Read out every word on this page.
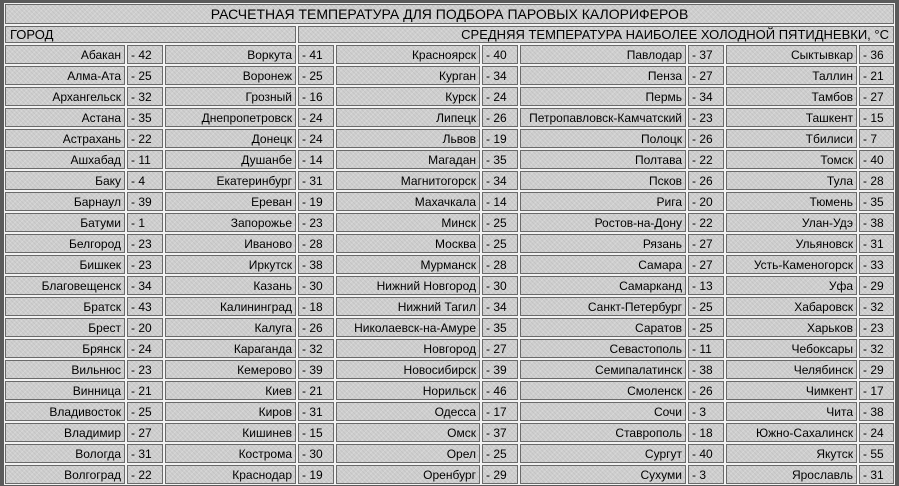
РАСЧЕТНАЯ ТЕМПЕРАТУРА ДЛЯ ПОДБОРА ПАРОВЫХ КАЛОРИФЕРОВ
ГОРОД	СРЕДНЯЯ ТЕМПЕРАТУРА НАИБОЛЕЕ ХОЛОДНОЙ ПЯТИДНЕВКИ, °С
Абакан - 42
Алма-Ата - 25
Архангельск - 32
Астана - 35
Астрахань - 22
Ашхабад - 11
Баку - 4
Барнаул - 39
Батуми - 1
Белгород - 23
Бишкек - 23
Благовещенск - 34
Братск - 43
Брест - 20
Брянск - 24
Вильнюс - 23
Винница - 21
Владивосток - 25
Владимир - 27
Вологда - 31
Волгоград - 22
Воркута - 41
Воронеж - 25
Грозный - 16
Днепропетровск - 24
Донецк - 24
Душанбе - 14
Екатеринбург - 31
Ереван - 19
Запорожье - 23
Иваново - 28
Иркутск - 38
Казань - 30
Калининград - 18
Калуга - 26
Караганда - 32
Кемерово - 39
Киев - 21
Киров - 31
Кишинев - 15
Кострома - 30
Краснодар - 19
Красноярск - 40
Курган - 34
Курск - 24
Липецк - 26
Львов - 19
Магадан - 35
Магнитогорск - 34
Махачкала - 14
Минск - 25
Москва - 25
Мурманск - 28
Нижний Новгород - 30
Нижний Тагил - 34
Николаевск-на-Амуре - 35
Новгород - 27
Новосибирск - 39
Норильск - 46
Одесса - 17
Омск - 37
Орел - 25
Оренбург - 29
Павлодар - 37
Пенза - 27
Пермь - 34
Петропавловск-Камчатский - 23
Полоцк - 26
Полтава - 22
Псков - 26
Рига - 20
Ростов-на-Дону - 22
Рязань - 27
Самара - 27
Самарканд - 13
Санкт-Петербург - 25
Саратов - 25
Севастополь - 11
Семипалатинск - 38
Смоленск - 26
Сочи - 3
Ставрополь - 18
Сургут - 40
Сухуми - 3
Сыктывкар - 36
Таллин - 21
Тамбов - 27
Ташкент - 15
Тбилиси - 7
Томск - 40
Тула - 28
Тюмень - 35
Улан-Удэ - 38
Ульяновск - 31
Усть-Каменогорск - 33
Уфа - 29
Хабаровск - 32
Харьков - 23
Чебоксары - 32
Челябинск - 29
Чимкент - 17
Чита - 38
Южно-Сахалинск - 24
Якутск - 55
Ярославль - 31
